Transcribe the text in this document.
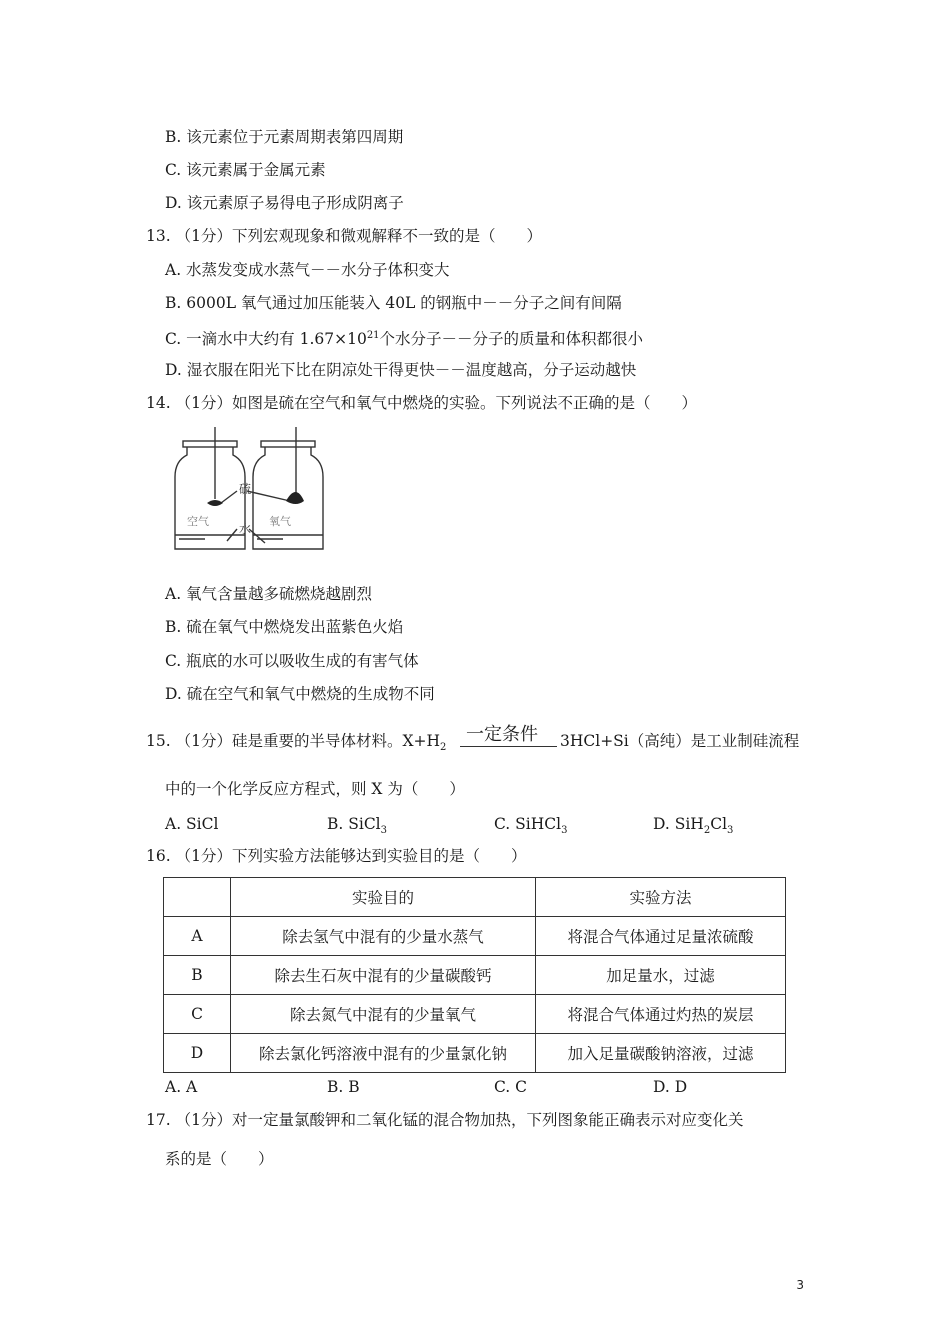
B. 该元素位于元素周期表第四周期
C. 该元素属于金属元素
D. 该元素原子易得电子形成阴离子
13. （1分）下列宏观现象和微观解释不一致的是（　　）
A. 水蒸发变成水蒸气－－水分子体积变大
B. 6000L 氧气通过加压能装入 40L 的钢瓶中－－分子之间有间隔
C. 一滴水中大约有 $1.67\times 10^{21}$个水分子－－分子的质量和体积都很小
D. 湿衣服在阳光下比在阴凉处干得更快－－温度越高，分子运动越快
14. （1分）如图是硫在空气和氧气中燃烧的实验。下列说法不正确的是（　　）
硫
水
空气	氧气
A. 氧气含量越多硫燃烧越剧烈
B. 硫在氧气中燃烧发出蓝紫色火焰
C. 瓶底的水可以吸收生成的有害气体
D. 硫在空气和氧气中燃烧的生成物不同
15. （1分）硅是重要的半导体材料。$X+H_2$
一定条件 3HCl+Si（高纯）是工业制硅流程
中的一个化学反应方程式，则 X 为（　　）
A. SiCl	B. SiCl$_3$	C. SiHCl$_3$	D. $SiH_2Cl_3$
16. （1分）下列实验方法能够达到实验目的是（　　）
	实验目的	实验方法
A	除去氢气中混有的少量水蒸气	将混合气体通过足量浓硫酸
B	除去生石灰中混有的少量碳酸钙	加足量水，过滤
C	除去氮气中混有的少量氧气	将混合气体通过灼热的炭层
D	除去氯化钙溶液中混有的少量氯化钠	加入足量碳酸钠溶液，过滤
A. A	B. B	C. C	D. D
17. （1分）对一定量氯酸钾和二氧化锰的混合物加热，下列图象能正确表示对应变化关
系的是（　　）
3
